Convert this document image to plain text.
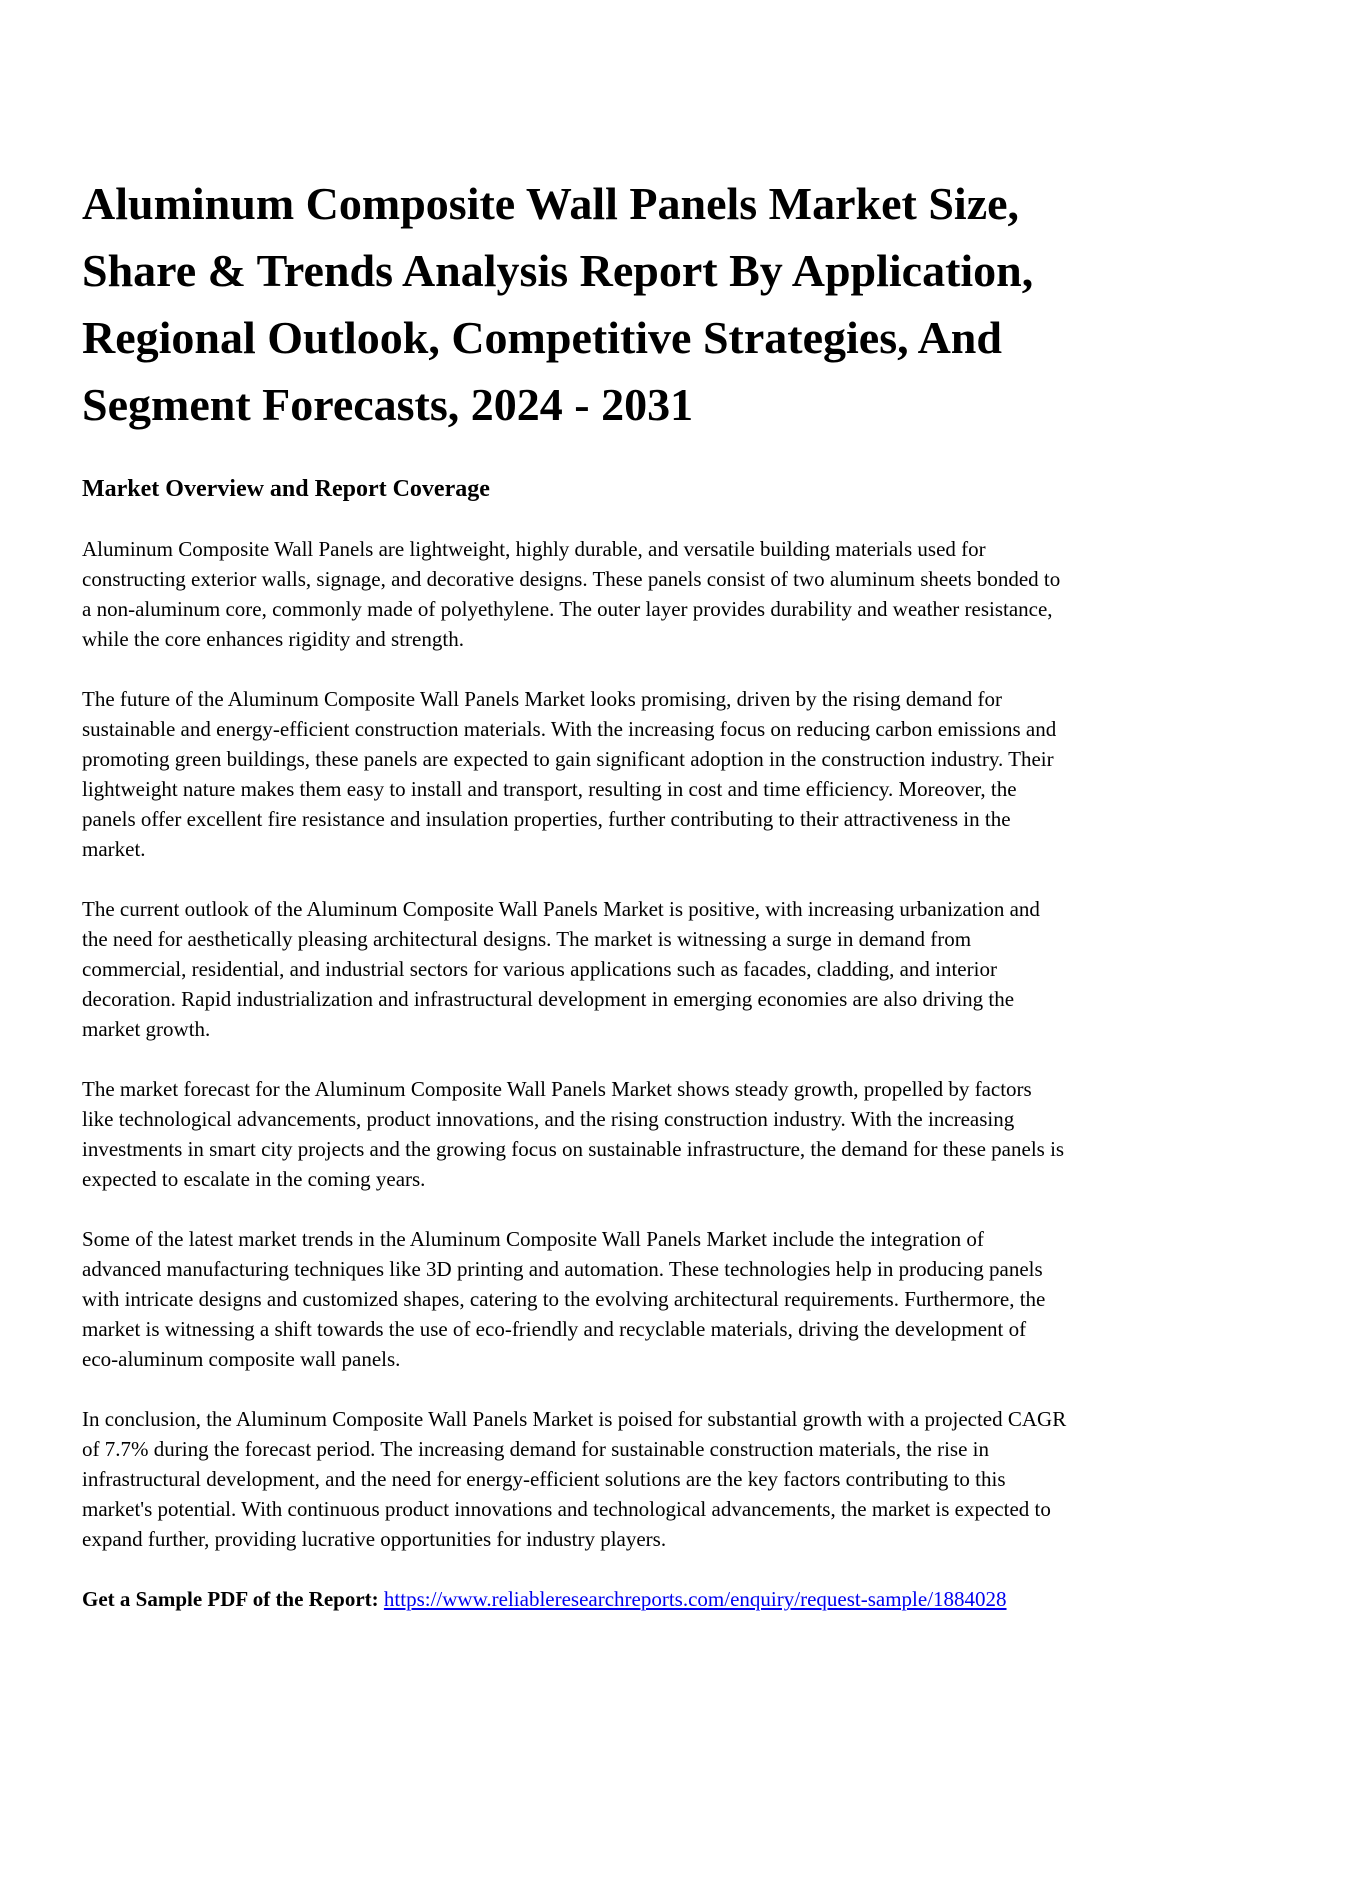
Aluminum Composite Wall Panels Market Size, Share & Trends Analysis Report By Application, Regional Outlook, Competitive Strategies, And Segment Forecasts, 2024 - 2031
Market Overview and Report Coverage

Aluminum Composite Wall Panels are lightweight, highly durable, and versatile building materials used for constructing exterior walls, signage, and decorative designs. These panels consist of two aluminum sheets bonded to a non-aluminum core, commonly made of polyethylene. The outer layer provides durability and weather resistance, while the core enhances rigidity and strength.

The future of the Aluminum Composite Wall Panels Market looks promising, driven by the rising demand for sustainable and energy-efficient construction materials. With the increasing focus on reducing carbon emissions and promoting green buildings, these panels are expected to gain significant adoption in the construction industry. Their lightweight nature makes them easy to install and transport, resulting in cost and time efficiency. Moreover, the panels offer excellent fire resistance and insulation properties, further contributing to their attractiveness in the market.

The current outlook of the Aluminum Composite Wall Panels Market is positive, with increasing urbanization and the need for aesthetically pleasing architectural designs. The market is witnessing a surge in demand from commercial, residential, and industrial sectors for various applications such as facades, cladding, and interior decoration. Rapid industrialization and infrastructural development in emerging economies are also driving the market growth.

The market forecast for the Aluminum Composite Wall Panels Market shows steady growth, propelled by factors like technological advancements, product innovations, and the rising construction industry. With the increasing investments in smart city projects and the growing focus on sustainable infrastructure, the demand for these panels is expected to escalate in the coming years.

Some of the latest market trends in the Aluminum Composite Wall Panels Market include the integration of advanced manufacturing techniques like 3D printing and automation. These technologies help in producing panels with intricate designs and customized shapes, catering to the evolving architectural requirements. Furthermore, the market is witnessing a shift towards the use of eco-friendly and recyclable materials, driving the development of eco-aluminum composite wall panels.

In conclusion, the Aluminum Composite Wall Panels Market is poised for substantial growth with a projected CAGR of 7.7% during the forecast period. The increasing demand for sustainable construction materials, the rise in infrastructural development, and the need for energy-efficient solutions are the key factors contributing to this market's potential. With continuous product innovations and technological advancements, the market is expected to expand further, providing lucrative opportunities for industry players.

Get a Sample PDF of the Report: https://www.reliableresearchreports.com/enquiry/request-sample/1884028
